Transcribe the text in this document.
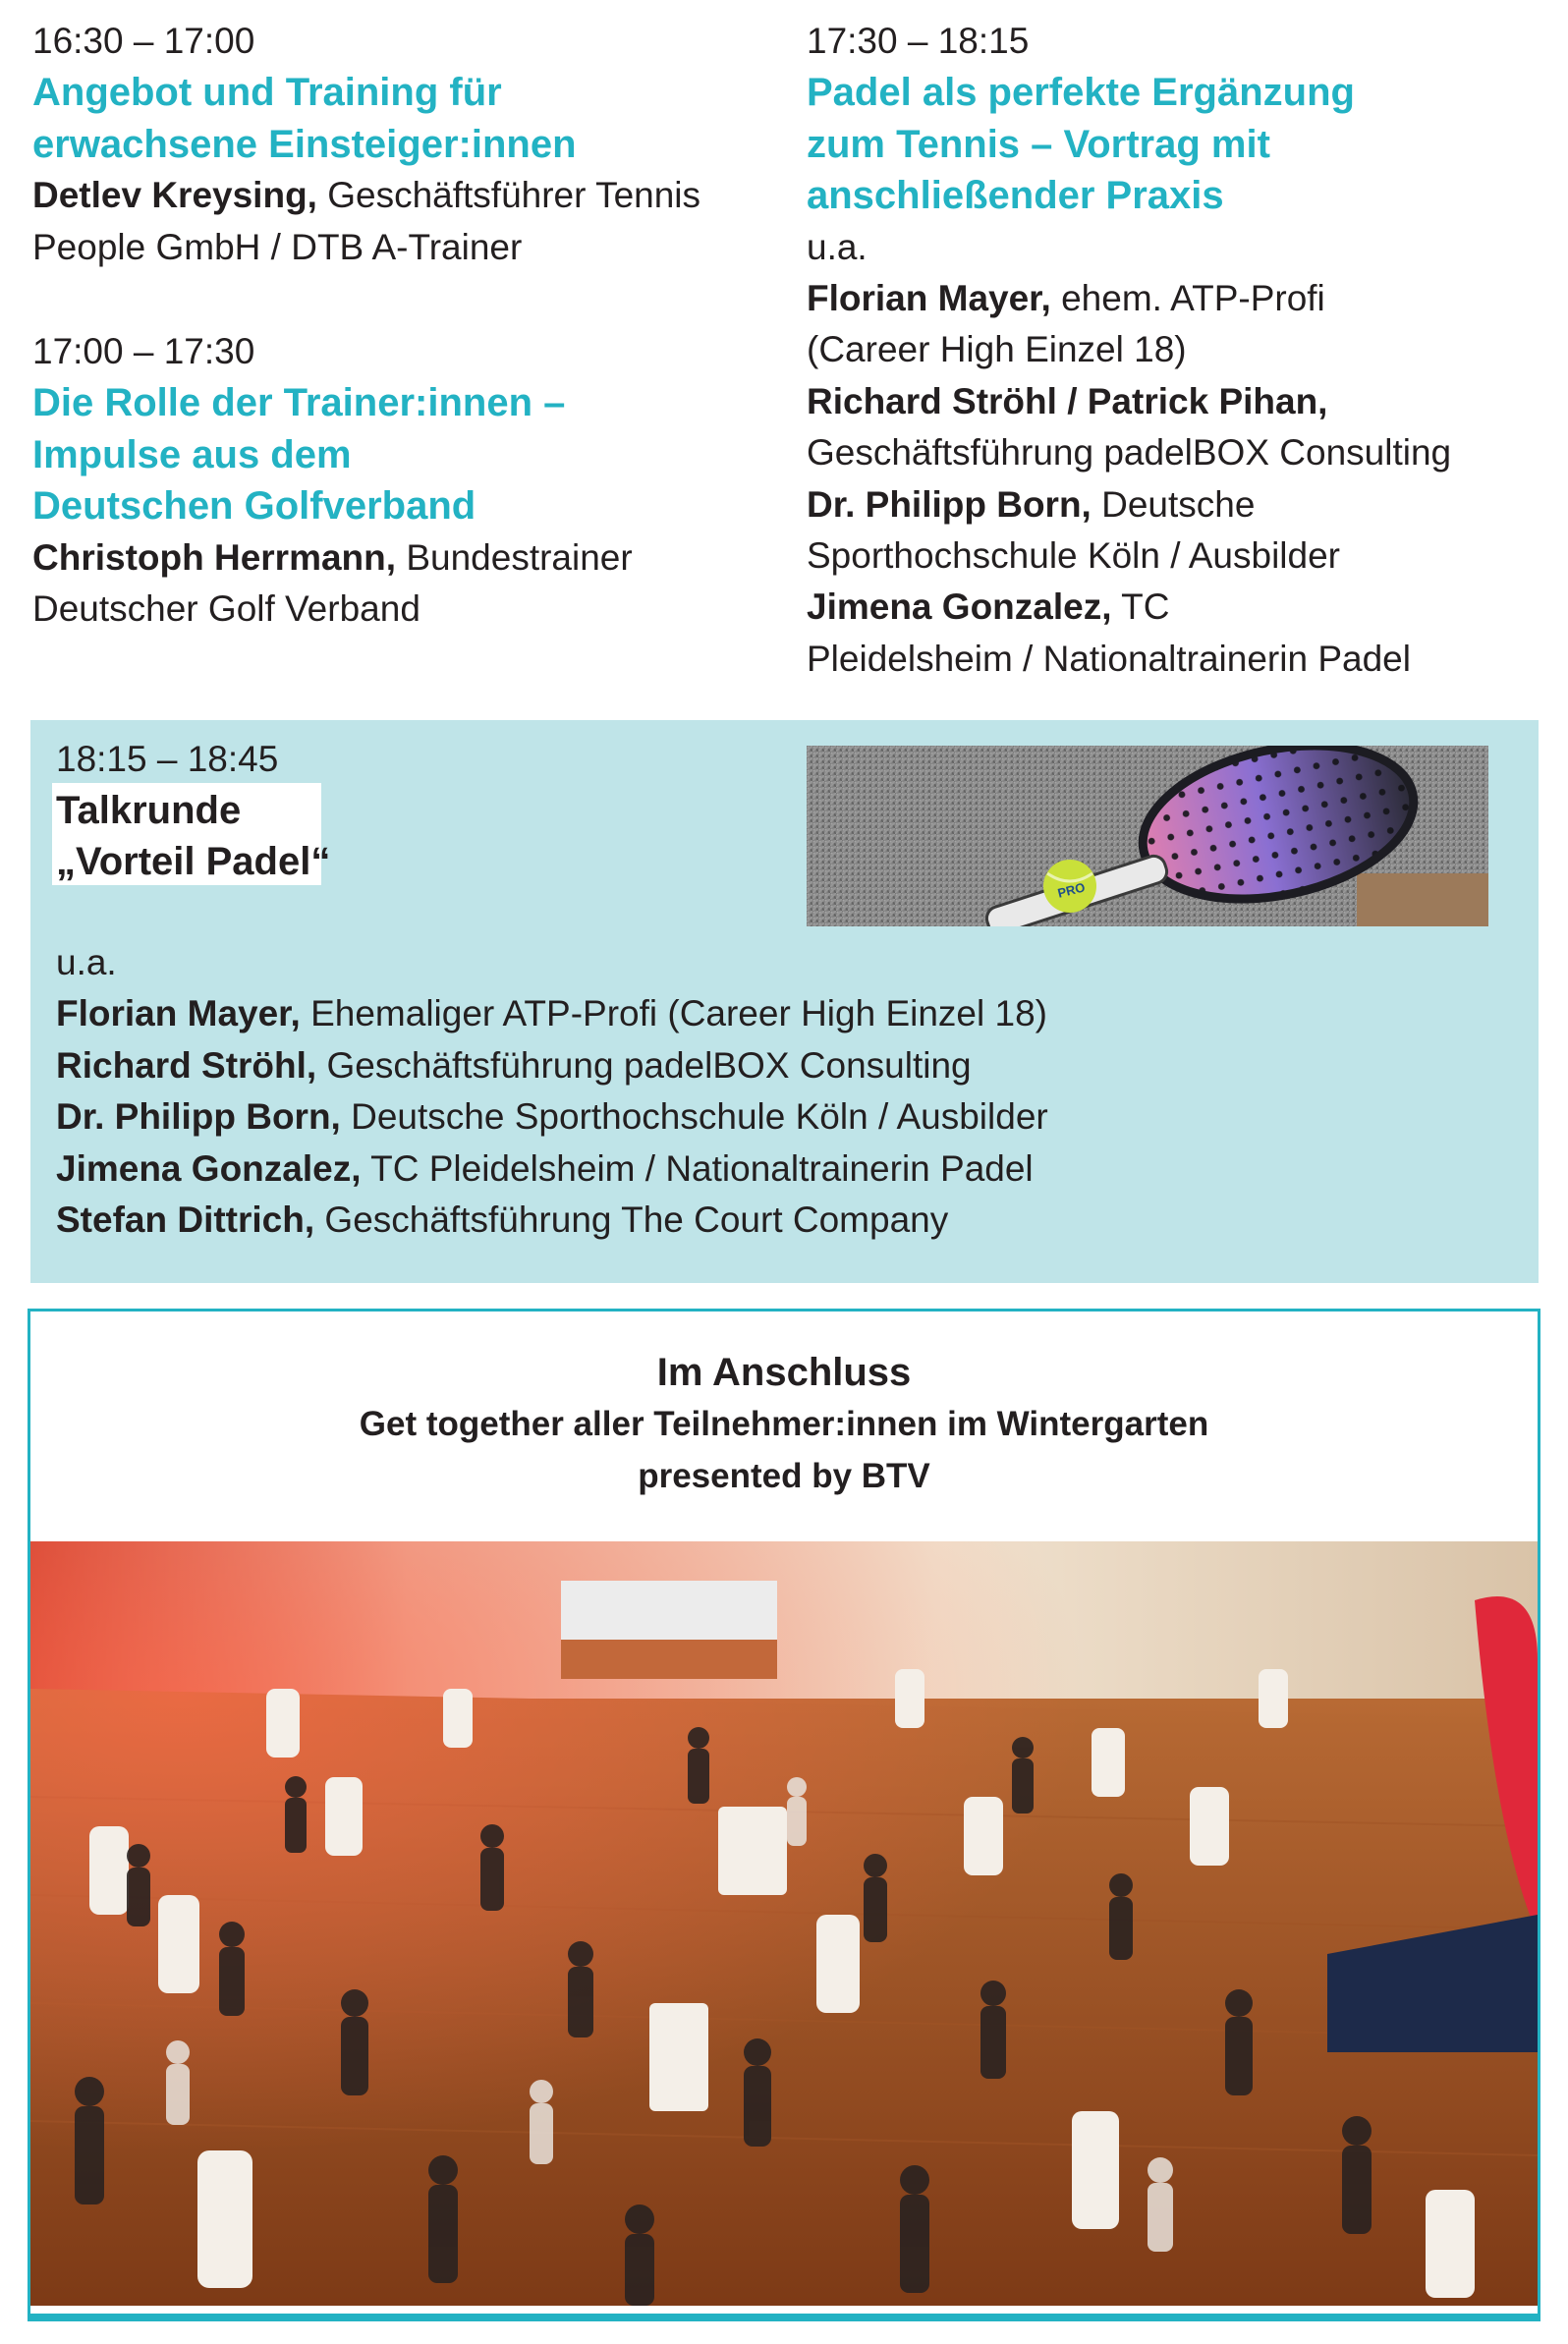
16:30 – 17:00

Angebot und Training für

erwachsene Einsteiger:innen

Detlev Kreysing, Geschäftsführer Tennis

People GmbH / DTB A-Trainer

17:00 – 17:30

Die Rolle der Trainer:innen –

Impulse aus dem

Deutschen Golfverband

Christoph Herrmann, Bundestrainer

Deutscher Golf Verband

17:30 – 18:15

Padel als perfekte Ergänzung

zum Tennis – Vortrag mit

anschließender Praxis

u.a.

Florian Mayer, ehem. ATP-Profi

(Career High Einzel 18)

Richard Ströhl / Patrick Pihan,

Geschäftsführung padelBOX Consulting

Dr. Philipp Born, Deutsche

Sporthochschule Köln / Ausbilder

Jimena Gonzalez, TC

Pleidelsheim / Nationaltrainerin Padel

18:15 – 18:45

Talkrunde
„Vorteil Padel“
PRO

u.a.

Florian Mayer, Ehemaliger ATP-Profi (Career High Einzel 18)

Richard Ströhl, Geschäftsführung padelBOX Consulting

Dr. Philipp Born, Deutsche Sporthochschule Köln / Ausbilder

Jimena Gonzalez, TC Pleidelsheim / Nationaltrainerin Padel

Stefan Dittrich, Geschäftsführung The Court Company

Im Anschluss

Get together aller Teilnehmer:innen im Wintergarten

presented by BTV
